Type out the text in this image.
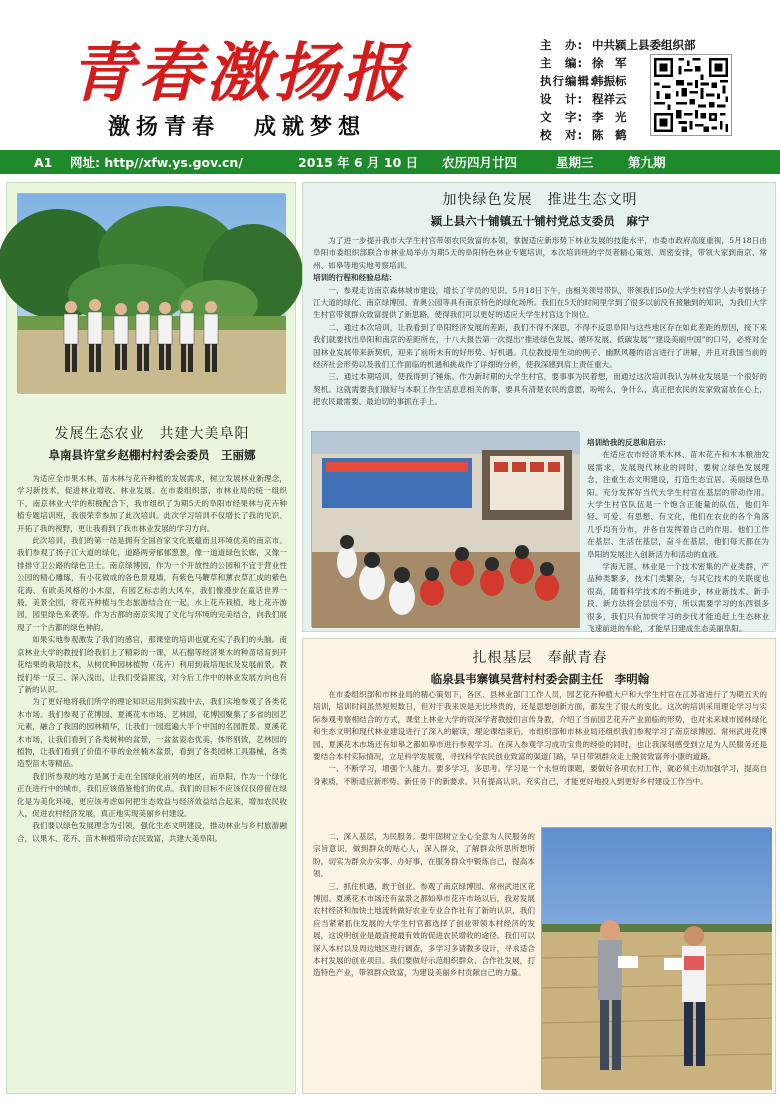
青春激扬报
激扬青春 成就梦想
主　办: 中共颍上县委组织部
主　编: 徐　军
执行编辑:韩振标
设　计: 程祥云
文　字: 李　光
校　对: 陈　鹤
A1 网址: http//xfw.ys.gov.cn/	2015 年 6 月 10 日 农历四月廿四	星期三	第九期
发展生态农业　共建大美阜阳
阜南县许堂乡赵棚村村委会委员　王丽娜

为适应全市果木林、苗木林与花卉种植的发展需求，树立发展林业新理念，学习新技术，促进林业增收、林业发展。在市委组织部、市林业局的统一组织下，南京林业大学的积极配合下，我市组织了为期5天的阜阳市经果林与花卉种植专题培训班，我很荣幸参加了此次培训。此次学习培训不仅增长了我的见识、开拓了我的视野，更让我看到了我市林业发展的学习方向。

此次培训，我们的第一站是拥有全国首家文化底蕴而且环境优美的南京市。我们参观了扬子江大道的绿化，道路两旁郁郁葱葱，像一道道绿色长廊，又像一排排守卫公路的绿色卫士。南京绿博园，作为一个开放性的公园和不宜于营业性公园的精心雕琢，有小花做成的各色景观墙，有紫色马鞭草和薰衣草汇成的紫色花海、有欧美风格的小木屋，有园艺标志的大风车，我们像漫步在童话世界一般，美景全园，将花卉种植与生态旅游结合在一起，水上花卉栽植，地上花卉游园，园里绿色来袭等。作为古都的南京实现了文化与环境的完美结合，向我们展现了一个古都的绿色神韵。

如果实地参观激发了我们的感官，那课堂的培训也就充实了我们的头脑。南京林业大学的教授们给我们上了精彩的一课，从石榴等经济果木的种苗培育到开花结果的栽培技术，从树优种园林植物（花卉）利用到栽培现状及发展前景。教授们举一反三、深入浅出，让我们受益匪浅，对今后工作中的林业发展方向也有了新的认识。

为了更好地将我们所学的理论知识运用到实践中去，我们实地参观了各类花木市场。我们参观了花博园、夏溪花木市场、艺林园，花博园聚集了多省的园艺元素，融合了我国的园林精华，让我们一园逛遍大半个中国的名园胜景。夏溪花木市场，让我们看到了各类树种的盆景，一盆盆姿态优美，体形别致，艺林园的植物，让我们看到了价值不菲的金丝楠木盆景，看到了各类园林工具器械，各类造型苗木等精品。

我们所参观的地方是属于走在全国绿化前列的地区，而阜阳，作为一个绿化正在进行中的城市，我们应该借鉴他们的优点。我们的目标不应该仅仅停留在绿化是为美化环境，更应该考虑如何把生态效益与经济效益结合起来，增加农民收入，促进农村经济发展，真正地实现美丽乡村建设。

我们要以绿色发展理念为引领，强化生态文明建设，推动林业与乡村旅游融合，以果木、花卉、苗木种植带动农民致富，共建大美阜阳。

加快绿色发展　推进生态文明
颍上县六十铺镇五十铺村党总支委员　麻宁

为了进一步提升我市大学生村官带领农民致富的本领，掌握适应新形势下林业发展的技能水平，市委市政府高度重视，5月18日由阜阳市委组织部联合市林业局举办为期5天的阜阳特色林业专题培训，本次培训班的学员者精心策划、周密安排，带领大家到南京、常州、如皋等地实地考察培训。

培训的行程和经验总结：

一、参观走访南京森林城市建设，增长了学员的见识。5月18日下午，由相关领导带队，带领我们50位大学生村官学人去考察扬子江大道的绿化、南京绿博园、青奥公园等具有南京特色的绿化场所。我们在5天的时间里学到了很多以前没有接触到的知识，为我们大学生村官带领群众致富提供了新思路，使得我们可以更好的适应大学生村官这个岗位。

二、通过本次培训，让我看到了阜阳经济发展的差距，我们不得不深思，不得不反思阜阳与这些地区存在如此差距的原因，接下来我们就要找出阜阳和南京的差距所在，十八大报告第一次提出“推进绿色发展、循环发展、低碳发展”“建设美丽中国”的口号，必将对全国林业发展带来新契机，迎来了前所未有的好形势、好机遇。几位教授用生动的例子、幽默风趣的语言进行了讲解，并且对我国当前的经济社会形势以及我们工作面临的机遇和挑战作了详细的分析，使我深感到肩上责任重大。

三、通过本期培训，使我得到了锤炼。作为新时期的大学生村官，要事事为民着想，而通过这次培训我认为林业发展是一个很好的契机。这就需要我们做好与本职工作生活息息相关的事，要具有清楚农民的意愿，吩咐么，争什么，真正把农民的发家致富放在心上，把农民最需要、最迫切的事抓在手上。

培训给我的反思和启示：

在适应农市经济果木林、苗木花卉和木本粮油发展需求，发展现代林业的同时，要树立绿色发展理念，注重生态文明建设，打造生态宜居、美丽绿色阜阳。充分发挥好当代大学生村官在基层的带动作用。大学生村官队伍是一个饱含正能量的队伍，他们年轻、可爱、有思想、有文化，他们在农业的各个角落几乎均有分布，并各自发挥着自己的作用。他们工作在基层、生活在基层，奋斗在基层，他们每天都在为阜阳的发展注入创新活力和活动的血液。

学海无涯，林业是一个技术密集的产业类群，产品种类繁多，技术门类繁杂，与其它技术的关联度也很高，随着科学技术的不断进步，林业新技术、新手段、新方法将会层出不穷，所以需要学习的东西很多很多，我们只有加快学习的步伐才能追赶上生态林业飞速前进的车轮，才能早日建成生态美丽阜阳。

扎根基层　奉献青春
临泉县韦寨镇吴营村村委会副主任　李明翰

在市委组织部和市林业局的精心策划下，各区、县林业部门工作人员，园艺花卉种植大户和大学生村官在江苏省进行了为期五天的培训，培训时间虽然短短数日，但对于我来说是无比珍贵的，还是思想创新方面，都发生了很大的变化。这次的培训采用理论学习与实际参观考察相结合的方式，课堂上林业大学的资深学者教授们言传身教，介绍了当前园艺花卉产业面临的形势，也对未来城市园林绿化和生态文明和现代林业建设进行了深入的解读，理论课结束后，市组织部和市林业局还组织我们参观学习了南京绿博园、常州武进花博园、夏溪花木市场还有如皋之都如皋市进行参观学习。在深入参观学习成功宝贵的经验的同时，也让我深刻感受到立足为人民服务还是要结合本村实际情况，立足科学发展观，寻找科学农民创业致富的渠道门路，早日带领群众走上脱贫致富奔小康的道路。

一、不断学习，增强个人能力。要多学习，多思考。学习是一个永恒的课题，要做好各项农村工作，就必须主动加强学习，提高自身素质，不断适应新形势、新任务下的新要求。只有提高认识，充实自己，才能更好地投入到更好乡村建设工作当中。

二、深入基层，为民服务。要牢固树立全心全意为人民服务的宗旨意识，做到群众的贴心人，深入群众，了解群众所思所想所盼，切实为群众办实事、办好事，在服务群众中锻炼自己，提高本领。

三、抓住机遇，敢于创业。参观了南京绿博园、常州武进区花博园、夏溪花木市场还有盆景之都如皋市花卉市场以后，我对发展农村经济和加快土地流转做好农业专业合作社有了新的认识，我们应当紧紧抓住发展的大学生村官都选择了创业带领本村经济的发展，这说明创业是最直接最有效的促进农民增收的途径。我们可以深入本村以及周边地区进行调查，多学习多请教多设计，寻求适合本村发展的创业项目。我们要做好示范组织群众、合作社发展，打造特色产业，带领群众致富，为建设美丽乡村贡献自己的力量。
